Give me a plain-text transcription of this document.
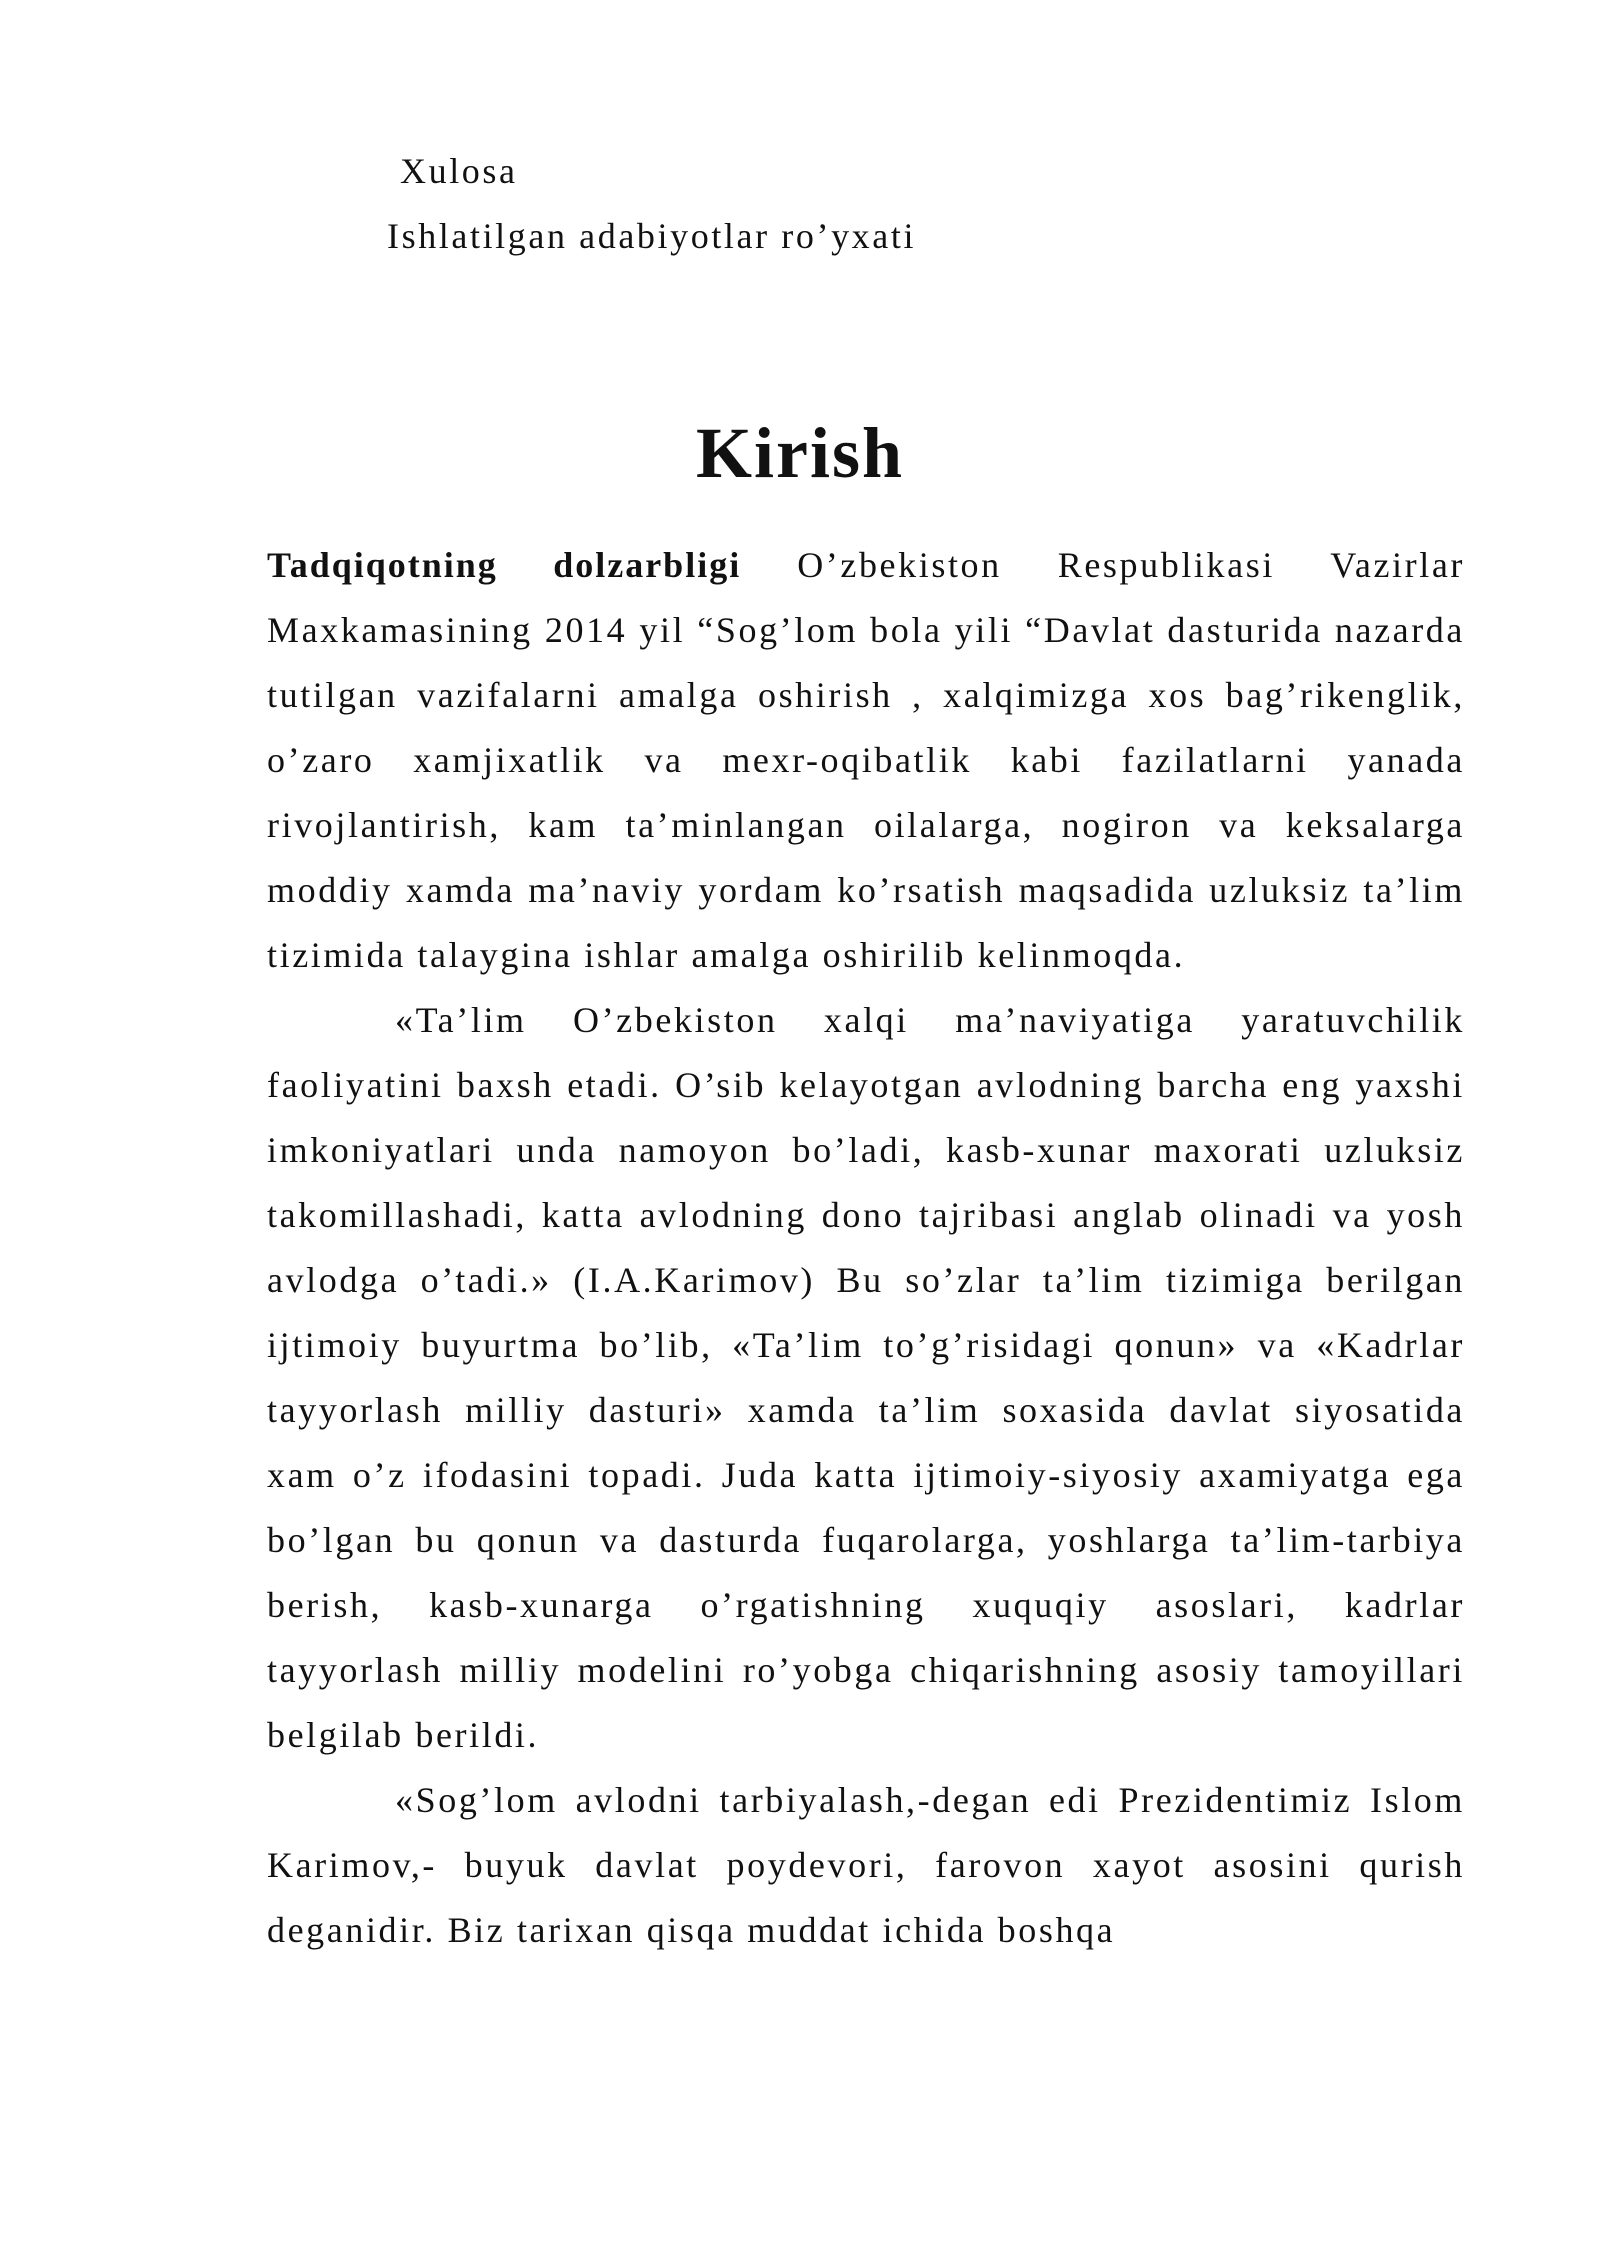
Xulosa

Ishlatilgan adabiyotlar ro’yxati

Kirish

Tadqiqotning dolzarbligi O’zbekiston Respublikasi Vazirlar Maxkamasining 2014 yil “Sog’lom bola yili “Davlat dasturida nazarda tutilgan vazifalarni amalga oshirish , xalqimizga xos bag’rikenglik, o’zaro xamjixatlik va mexr-oqibatlik kabi fazilatlarni yanada rivojlantirish, kam ta’minlangan oilalarga, nogiron va keksalarga moddiy xamda ma’naviy yordam ko’rsatish maqsadida uzluksiz ta’lim tizimida talaygina ishlar amalga oshirilib kelinmoqda.

«Ta’lim O’zbekiston xalqi ma’naviyatiga yaratuvchilik faoliyatini baxsh etadi. O’sib kelayotgan avlodning barcha eng yaxshi imkoniyatlari unda namoyon bo’ladi, kasb-xunar maxorati uzluksiz takomillashadi, katta avlodning dono tajribasi anglab olinadi va yosh avlodga o’tadi.» (I.A.Karimov) Bu so’zlar ta’lim tizimiga berilgan ijtimoiy buyurtma bo’lib, «Ta’lim to’g’risidagi qonun» va «Kadrlar tayyorlash milliy dasturi» xamda ta’lim soxasida davlat siyosatida xam o’z ifodasini topadi. Juda katta ijtimoiy-siyosiy axamiyatga ega bo’lgan bu qonun va dasturda fuqarolarga, yoshlarga ta’lim-tarbiya berish, kasb-xunarga o’rgatishning xuquqiy asoslari, kadrlar tayyorlash milliy modelini ro’yobga chiqarishning asosiy tamoyillari belgilab berildi.

«Sog’lom avlodni tarbiyalash,-degan edi Prezidentimiz Islom Karimov,- buyuk davlat poydevori, farovon xayot asosini qurish deganidir. Biz tarixan qisqa muddat ichida boshqa
